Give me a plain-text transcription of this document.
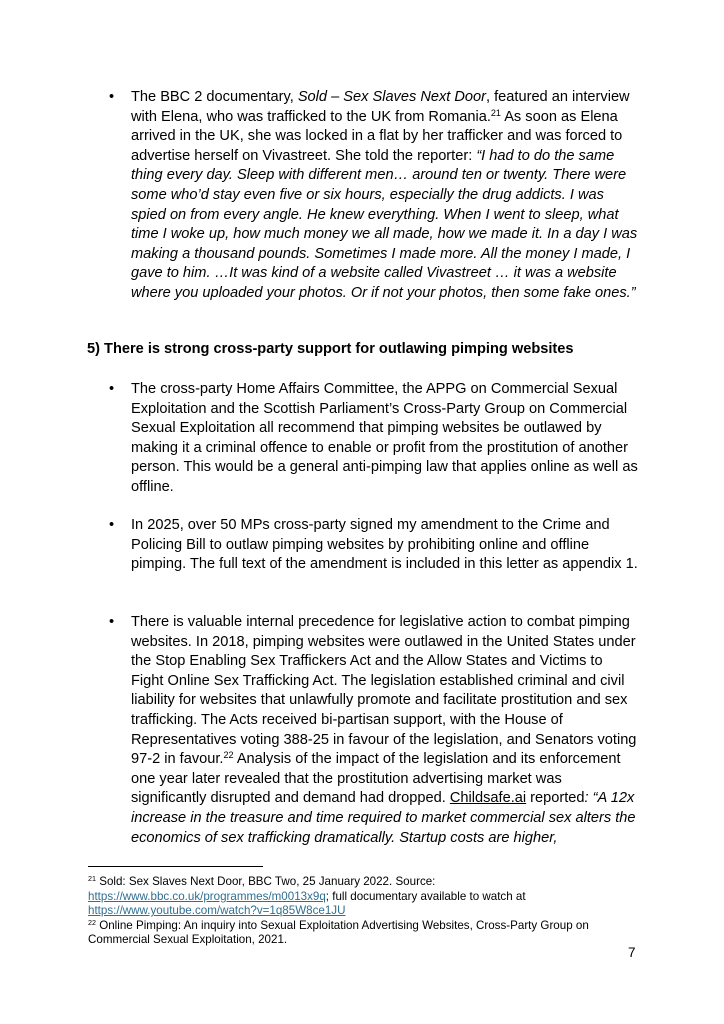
•	The BBC 2 documentary, Sold – Sex Slaves Next Door, featured an interview with Elena, who was trafficked to the UK from Romania.$^{21}$ As soon as Elena arrived in the UK, she was locked in a flat by her trafficker and was forced to advertise herself on Vivastreet. She told the reporter: “I had to do the same thing every day. Sleep with different men… around ten or twenty. There were some who’d stay even five or six hours, especially the drug addicts. I was spied on from every angle. He knew everything. When I went to sleep, what time I woke up, how much money we all made, how we made it. In a day I was making a thousand pounds. Sometimes I made more. All the money I made, I gave to him. …It was kind of a website called Vivastreet … it was a website where you uploaded your photos. Or if not your photos, then some fake ones.”
5) There is strong cross-party support for outlawing pimping websites
•	The cross-party Home Affairs Committee, the APPG on Commercial Sexual Exploitation and the Scottish Parliament’s Cross-Party Group on Commercial Sexual Exploitation all recommend that pimping websites be outlawed by making it a criminal offence to enable or profit from the prostitution of another person. This would be a general anti-pimping law that applies online as well as offline.
•	In 2025, over 50 MPs cross-party signed my amendment to the Crime and Policing Bill to outlaw pimping websites by prohibiting online and offline pimping. The full text of the amendment is included in this letter as appendix 1.
•	There is valuable internal precedence for legislative action to combat pimping websites. In 2018, pimping websites were outlawed in the United States under the Stop Enabling Sex Traffickers Act and the Allow States and Victims to Fight Online Sex Trafficking Act. The legislation established criminal and civil liability for websites that unlawfully promote and facilitate prostitution and sex trafficking. The Acts received bi-partisan support, with the House of Representatives voting 388-25 in favour of the legislation, and Senators voting 97-2 in favour.$^{22}$ Analysis of the impact of the legislation and its enforcement one year later revealed that the prostitution advertising market was significantly disrupted and demand had dropped. Childsafe.ai reported: “A 12x increase in the treasure and time required to market commercial sex alters the economics of sex trafficking dramatically. Startup costs are higher,
$^{21}$ Sold: Sex Slaves Next Door, BBC Two, 25 January 2022. Source: https://www.bbc.co.uk/programmes/m0013x9q; full documentary available to watch at https://www.youtube.com/watch?v=1q85W8ce1JU
$^{22}$ Online Pimping: An inquiry into Sexual Exploitation Advertising Websites, Cross-Party Group on Commercial Sexual Exploitation, 2021.
7
